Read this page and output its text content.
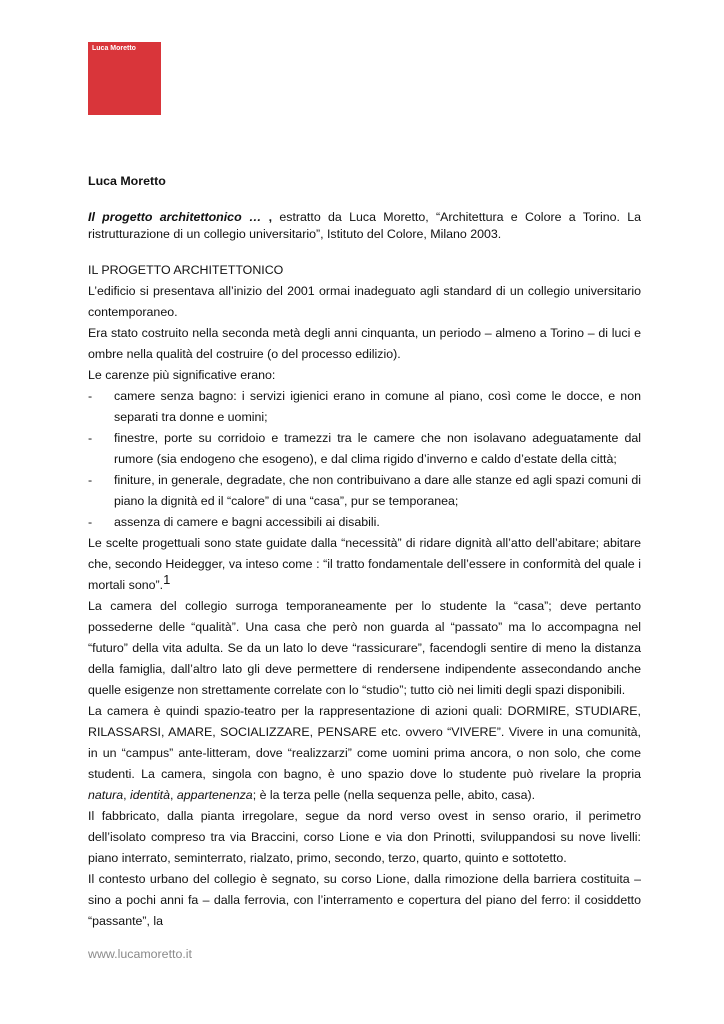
Luca Moretto

Luca Moretto

Il progetto architettonico … , estratto da Luca Moretto, “Architettura e Colore a Torino. La ristrutturazione di un collegio universitario”, Istituto del Colore, Milano 2003.

IL PROGETTO ARCHITETTONICO

L’edificio si presentava all’inizio del 2001 ormai inadeguato agli standard di un collegio universitario contemporaneo.

Era stato costruito nella seconda metà degli anni cinquanta, un periodo – almeno a Torino – di luci e ombre nella qualità del costruire (o del processo edilizio).

Le carenze più significative erano:

- camere senza bagno: i servizi igienici erano in comune al piano, così come le docce, e non separati tra donne e uomini;
- finestre, porte su corridoio e tramezzi tra le camere che non isolavano adeguatamente dal rumore (sia endogeno che esogeno), e dal clima rigido d’inverno e caldo d’estate della città;
- finiture, in generale, degradate, che non contribuivano a dare alle stanze ed agli spazi comuni di piano la dignità ed il “calore” di una “casa”, pur se temporanea;
- assenza di camere e bagni accessibili ai disabili.

Le scelte progettuali sono state guidate dalla “necessità” di ridare dignità all’atto dell’abitare; abitare che, secondo Heidegger, va inteso come : “il tratto fondamentale dell’essere in conformità del quale i mortali sono”.$^1$

La camera del collegio surroga temporaneamente per lo studente la “casa”; deve pertanto possederne delle “qualità”. Una casa che però non guarda al “passato” ma lo accompagna nel “futuro” della vita adulta. Se da un lato lo deve “rassicurare”, facendogli sentire di meno la distanza della famiglia, dall’altro lato gli deve permettere di rendersene indipendente assecondando anche quelle esigenze non strettamente correlate con lo “studio”; tutto ciò nei limiti degli spazi disponibili.

La camera è quindi spazio-teatro per la rappresentazione di azioni quali: DORMIRE, STUDIARE, RILASSARSI, AMARE, SOCIALIZZARE, PENSARE etc. ovvero “VIVERE”. Vivere in una comunità, in un “campus” ante-litteram, dove “realizzarzi” come uomini prima ancora, o non solo, che come studenti. La camera, singola con bagno, è uno spazio dove lo studente può rivelare la propria natura, identità, appartenenza; è la terza pelle (nella sequenza pelle, abito, casa).

Il fabbricato, dalla pianta irregolare, segue da nord verso ovest in senso orario, il perimetro dell’isolato compreso tra via Braccini, corso Lione e via don Prinotti, sviluppandosi su nove livelli: piano interrato, seminterrato, rialzato, primo, secondo, terzo, quarto, quinto e sottotetto.

Il contesto urbano del collegio è segnato, su corso Lione, dalla rimozione della barriera costituita – sino a pochi anni fa – dalla ferrovia, con l’interramento e copertura del piano del ferro: il cosiddetto “passante”, la

www.lucamoretto.it
